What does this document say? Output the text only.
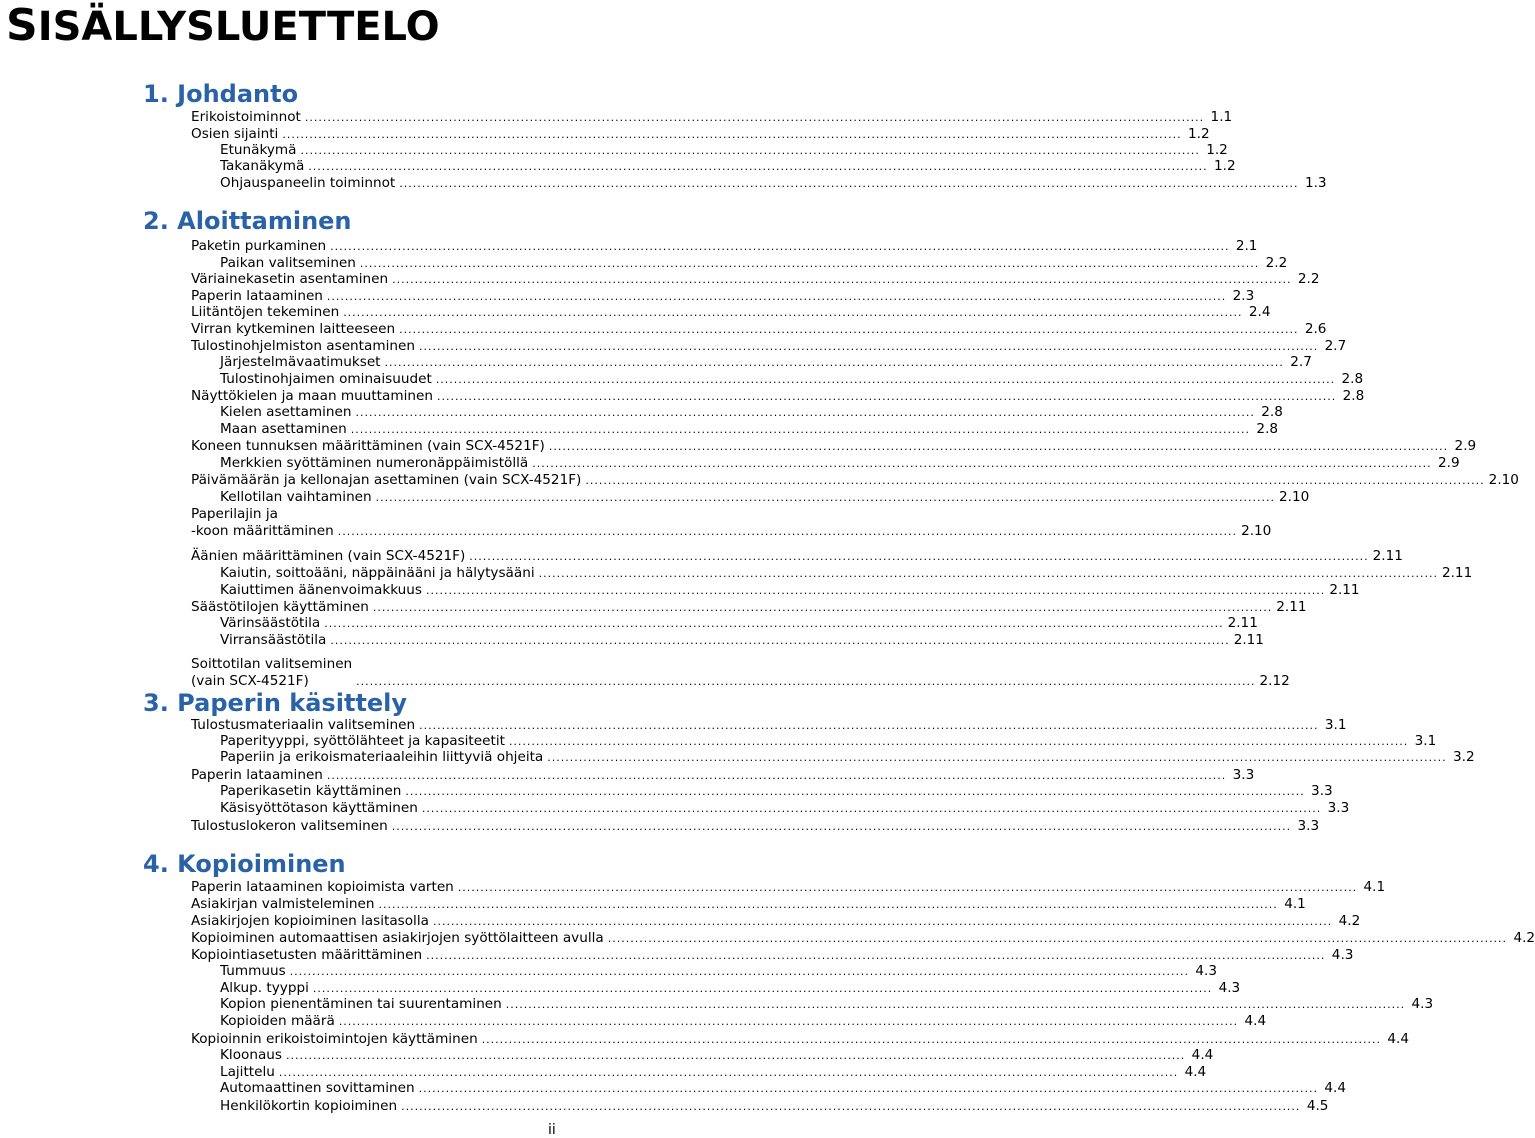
SISÄLLYSLUETTELO
1. Johdanto
Erikoistoiminnot ........................................................................................................................................................................................................ 1.1
Osien sijainti ........................................................................................................................................................................................................ 1.2
Etunäkymä ........................................................................................................................................................................................................ 1.2
Takanäkymä ........................................................................................................................................................................................................ 1.2
Ohjauspaneelin toiminnot ........................................................................................................................................................................................................ 1.3
2. Aloittaminen
Paketin purkaminen ........................................................................................................................................................................................................ 2.1
Paikan valitseminen ........................................................................................................................................................................................................ 2.2
Väriainekasetin asentaminen ........................................................................................................................................................................................................ 2.2
Paperin lataaminen ........................................................................................................................................................................................................ 2.3
Liitäntöjen tekeminen ........................................................................................................................................................................................................ 2.4
Virran kytkeminen laitteeseen ........................................................................................................................................................................................................ 2.6
Tulostinohjelmiston asentaminen ........................................................................................................................................................................................................ 2.7
Järjestelmävaatimukset ........................................................................................................................................................................................................ 2.7
Tulostinohjaimen ominaisuudet ........................................................................................................................................................................................................ 2.8
Näyttökielen ja maan muuttaminen ........................................................................................................................................................................................................ 2.8
Kielen asettaminen ........................................................................................................................................................................................................ 2.8
Maan asettaminen ........................................................................................................................................................................................................ 2.8
Koneen tunnuksen määrittäminen (vain SCX-4521F) ........................................................................................................................................................................................................ 2.9
Merkkien syöttäminen numeronäppäimistöllä ........................................................................................................................................................................................................ 2.9
Päivämäärän ja kellonajan asettaminen (vain SCX-4521F) ........................................................................................................................................................................................................ 2.10
Kellotilan vaihtaminen ........................................................................................................................................................................................................ 2.10
Paperilajin ja
-koon määrittäminen ........................................................................................................................................................................................................ 2.10
Äänien määrittäminen (vain SCX-4521F) ........................................................................................................................................................................................................ 2.11
Kaiutin, soittoääni, näppäinääni ja hälytysääni ........................................................................................................................................................................................................ 2.11
Kaiuttimen äänenvoimakkuus ........................................................................................................................................................................................................ 2.11
Säästötilojen käyttäminen ........................................................................................................................................................................................................ 2.11
Värinsäästötila ........................................................................................................................................................................................................ 2.11
Virransäästötila ........................................................................................................................................................................................................ 2.11
Soittotilan valitseminen
(vain SCX-4521F)	........................................................................................................................................................................................................ 2.12
3. Paperin käsittely
Tulostusmateriaalin valitseminen ........................................................................................................................................................................................................ 3.1
Paperityyppi, syöttölähteet ja kapasiteetit ........................................................................................................................................................................................................ 3.1
Paperiin ja erikoismateriaaleihin liittyviä ohjeita ........................................................................................................................................................................................................ 3.2
Paperin lataaminen ........................................................................................................................................................................................................ 3.3
Paperikasetin käyttäminen ........................................................................................................................................................................................................ 3.3
Käsisyöttötason käyttäminen ........................................................................................................................................................................................................ 3.3
Tulostuslokeron valitseminen ........................................................................................................................................................................................................ 3.3
4. Kopioiminen
Paperin lataaminen kopioimista varten ........................................................................................................................................................................................................ 4.1
Asiakirjan valmisteleminen ........................................................................................................................................................................................................ 4.1
Asiakirjojen kopioiminen lasitasolla ........................................................................................................................................................................................................ 4.2
Kopioiminen automaattisen asiakirjojen syöttölaitteen avulla ........................................................................................................................................................................................................ 4.2
Kopiointiasetusten määrittäminen ........................................................................................................................................................................................................ 4.3
Tummuus ........................................................................................................................................................................................................ 4.3
Alkup. tyyppi ........................................................................................................................................................................................................ 4.3
Kopion pienentäminen tai suurentaminen ........................................................................................................................................................................................................ 4.3
Kopioiden määrä ........................................................................................................................................................................................................ 4.4
Kopioinnin erikoistoimintojen käyttäminen ........................................................................................................................................................................................................ 4.4
Kloonaus ........................................................................................................................................................................................................ 4.4
Lajittelu ........................................................................................................................................................................................................ 4.4
Automaattinen sovittaminen ........................................................................................................................................................................................................ 4.4
Henkilökortin kopioiminen ........................................................................................................................................................................................................ 4.5
ii
